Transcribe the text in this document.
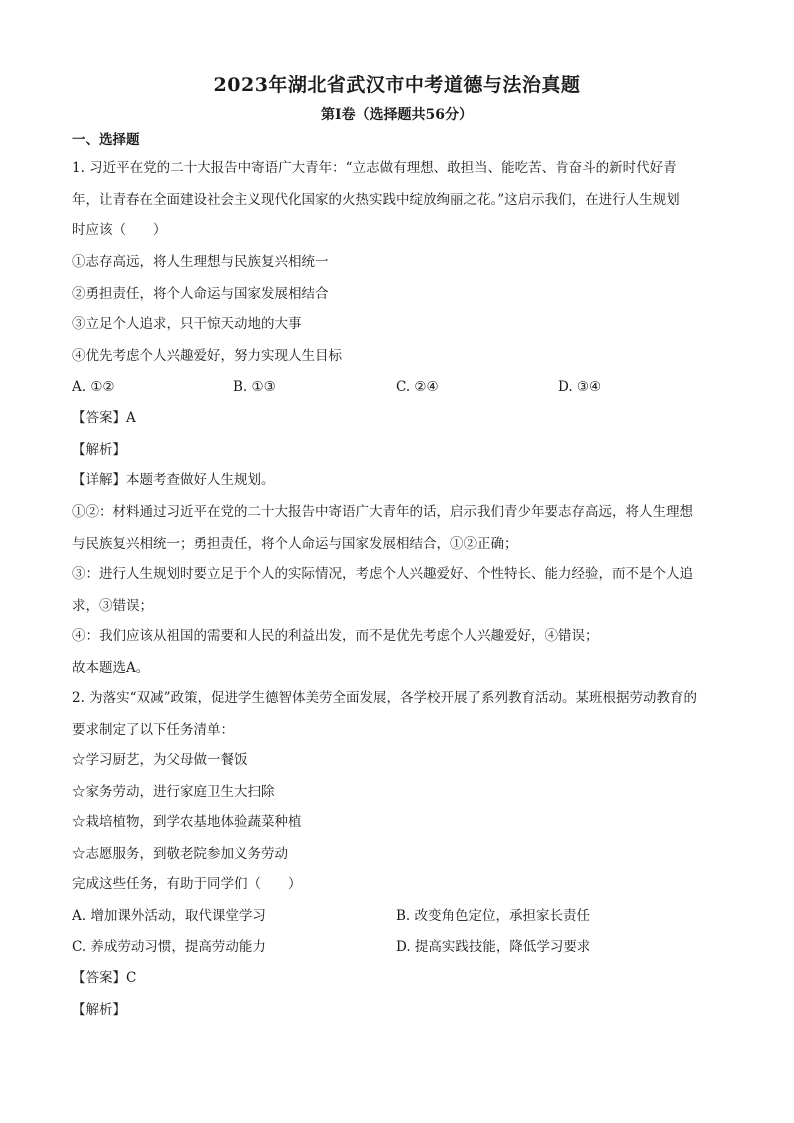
2023年湖北省武汉市中考道德与法治真题
第Ⅰ卷（选择题共56分）
一、选择题
1. 习近平在党的二十大报告中寄语广大青年：“立志做有理想、敢担当、能吃苦、肯奋斗的新时代好青
年，让青春在全面建设社会主义现代化国家的火热实践中绽放绚丽之花。”这启示我们，在进行人生规划
时应该（　　）
①志存高远，将人生理想与民族复兴相统一
②勇担责任，将个人命运与国家发展相结合
③立足个人追求，只干惊天动地的大事
④优先考虑个人兴趣爱好，努力实现人生目标
A. ①②	B. ①③	C. ②④	D. ③④
【答案】A
【解析】
【详解】本题考查做好人生规划。
①②：材料通过习近平在党的二十大报告中寄语广大青年的话，启示我们青少年要志存高远，将人生理想
与民族复兴相统一；勇担责任，将个人命运与国家发展相结合，①②正确；
③：进行人生规划时要立足于个人的实际情况，考虑个人兴趣爱好、个性特长、能力经验，而不是个人追
求，③错误；
④：我们应该从祖国的需要和人民的利益出发，而不是优先考虑个人兴趣爱好，④错误；
故本题选A。
2. 为落实“双减”政策，促进学生德智体美劳全面发展，各学校开展了系列教育活动。某班根据劳动教育的
要求制定了以下任务清单：
☆学习厨艺，为父母做一餐饭
☆家务劳动，进行家庭卫生大扫除
☆栽培植物，到学农基地体验蔬菜种植
☆志愿服务，到敬老院参加义务劳动
完成这些任务，有助于同学们（　　）
A. 增加课外活动，取代课堂学习	B. 改变角色定位，承担家长责任
C. 养成劳动习惯，提高劳动能力	D. 提高实践技能，降低学习要求
【答案】C
【解析】
